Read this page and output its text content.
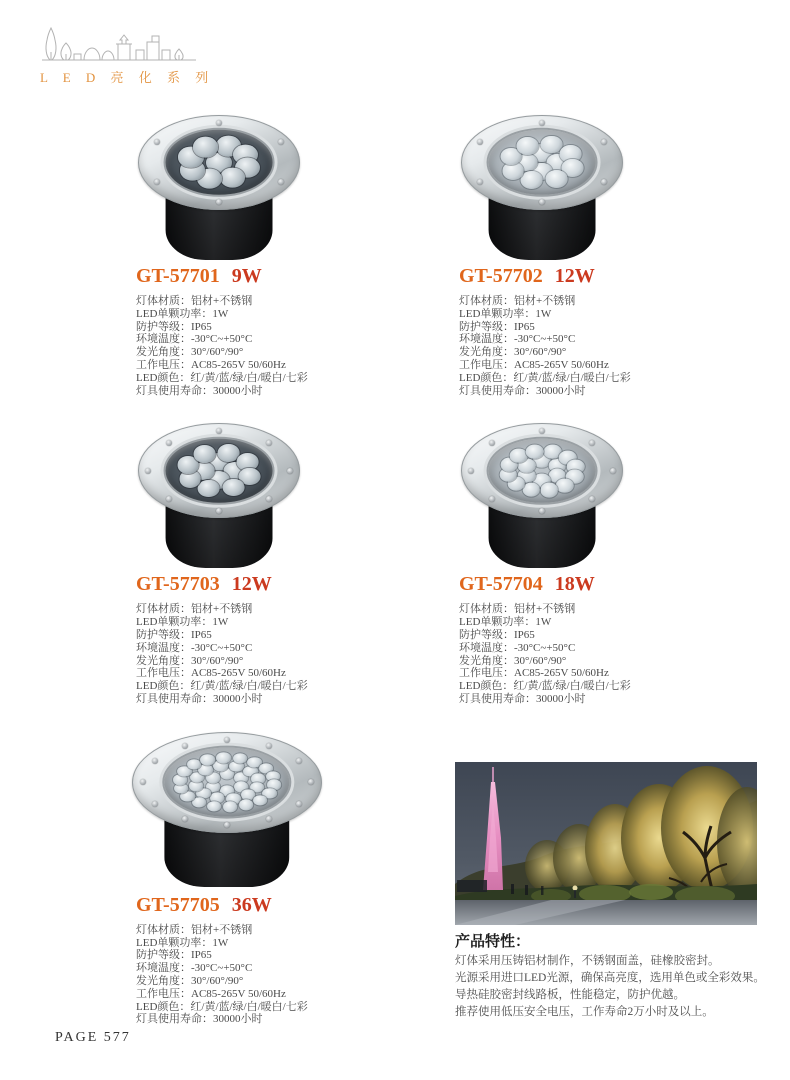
L E D 亮 化 系 列
GT-57701 9W
灯体材质：铝材+不锈钢
LED单颗功率：1W
防护等级：IP65
环境温度：-30°C~+50°C
发光角度：30°/60°/90°
工作电压：AC85-265V 50/60Hz
LED颜色：红/黄/蓝/绿/白/暖白/七彩
灯具使用寿命：30000小时
GT-57702 12W
灯体材质：铝材+不锈钢
LED单颗功率：1W
防护等级：IP65
环境温度：-30°C~+50°C
发光角度：30°/60°/90°
工作电压：AC85-265V 50/60Hz
LED颜色：红/黄/蓝/绿/白/暖白/七彩
灯具使用寿命：30000小时
GT-57703 12W
灯体材质：铝材+不锈钢
LED单颗功率：1W
防护等级：IP65
环境温度：-30°C~+50°C
发光角度：30°/60°/90°
工作电压：AC85-265V 50/60Hz
LED颜色：红/黄/蓝/绿/白/暖白/七彩
灯具使用寿命：30000小时
GT-57704 18W
灯体材质：铝材+不锈钢
LED单颗功率：1W
防护等级：IP65
环境温度：-30°C~+50°C
发光角度：30°/60°/90°
工作电压：AC85-265V 50/60Hz
LED颜色：红/黄/蓝/绿/白/暖白/七彩
灯具使用寿命：30000小时
GT-57705 36W
灯体材质：铝材+不锈钢
LED单颗功率：1W
防护等级：IP65
环境温度：-30°C~+50°C
发光角度：30°/60°/90°
工作电压：AC85-265V 50/60Hz
LED颜色：红/黄/蓝/绿/白/暖白/七彩
灯具使用寿命：30000小时
产品特性：
灯体采用压铸铝材制作，不锈钢面盖，硅橡胶密封。
光源采用进口LED光源，确保高亮度，选用单色或全彩效果。
导热硅胶密封线路板，性能稳定，防护优越。
推荐使用低压安全电压，工作寿命2万小时及以上。
PAGE 577
